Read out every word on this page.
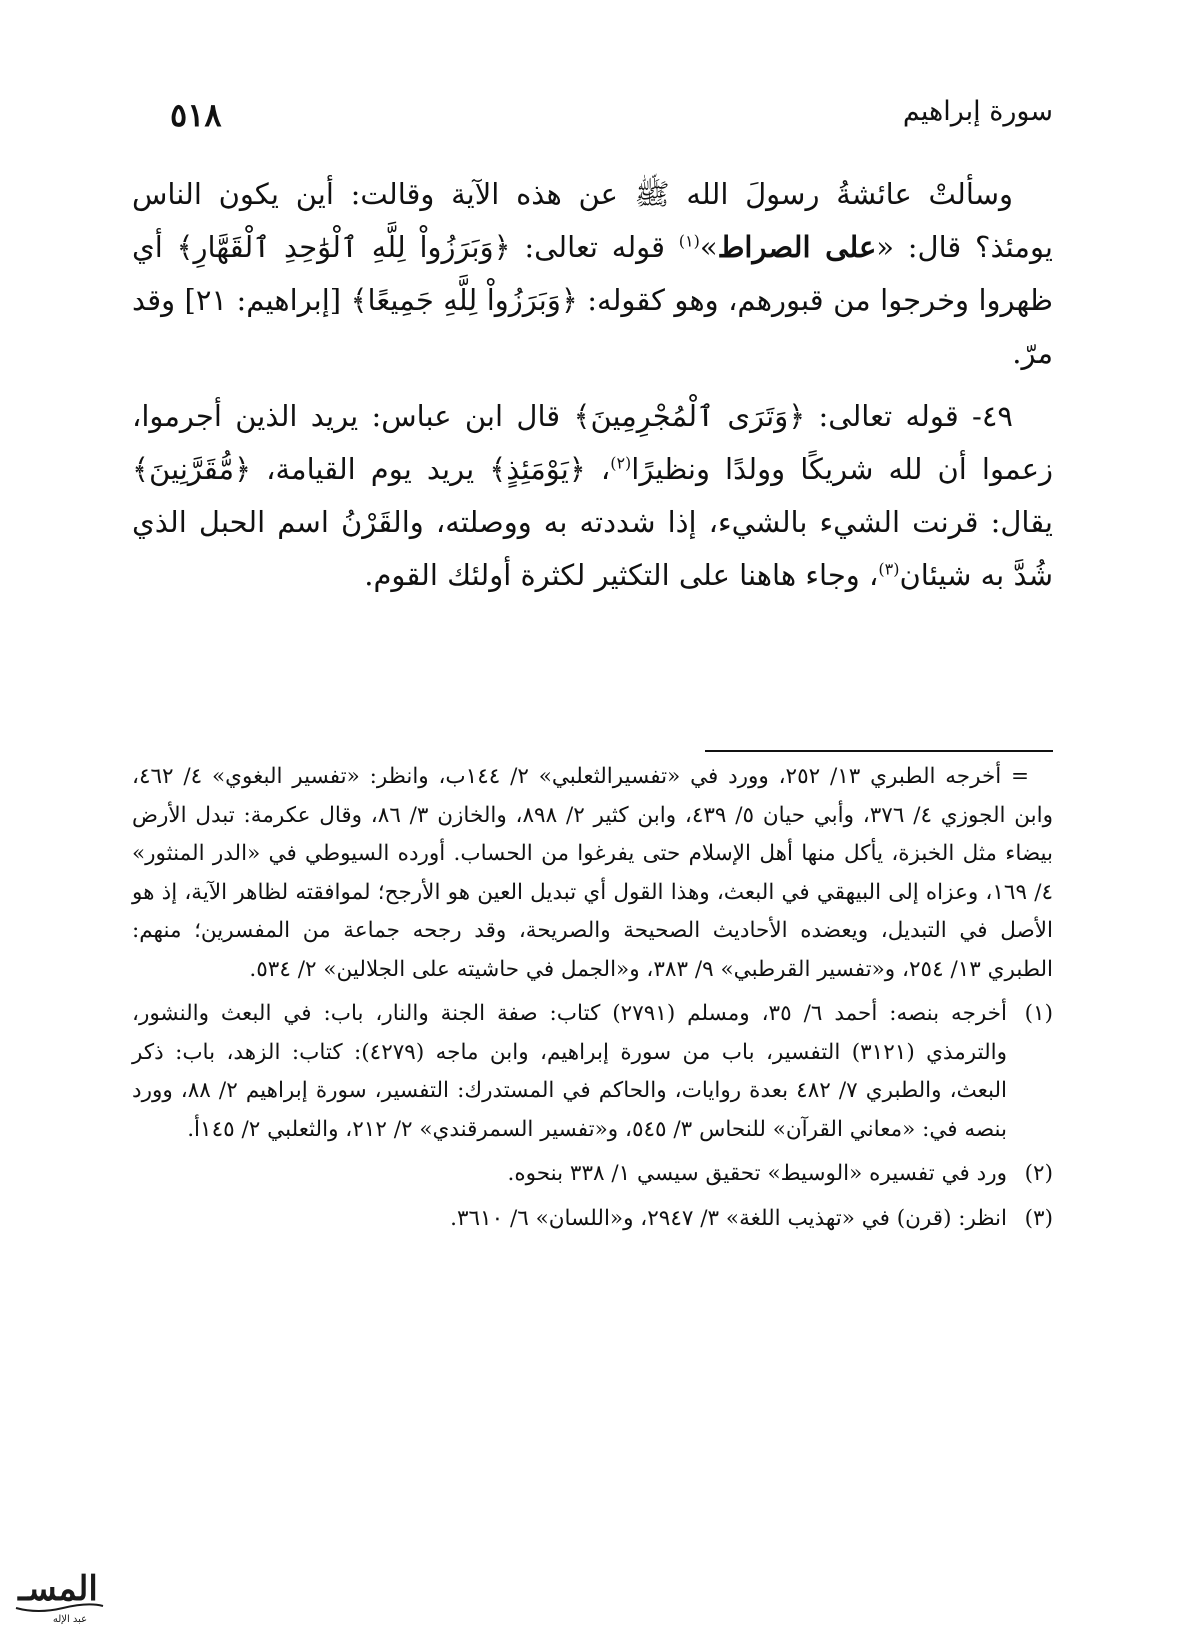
سورة إبراهيم
٥١٨

وسألتْ عائشةُ رسولَ الله ﷺ عن هذه الآية وقالت: أين يكون الناس يومئذ؟ قال: «على الصراط»$^{(١)}$ قوله تعالى: ﴿وَبَرَزُواْ لِلَّهِ ٱلْوَٰحِدِ ٱلْقَهَّارِ﴾ أي ظهروا وخرجوا من قبورهم، وهو كقوله: ﴿وَبَرَزُواْ لِلَّهِ جَمِيعًا﴾ [إبراهيم: ٢١] وقد مرّ.

٤٩- قوله تعالى: ﴿وَتَرَى ٱلْمُجْرِمِينَ﴾ قال ابن عباس: يريد الذين أجرموا، زعموا أن لله شريكًا وولدًا ونظيرًا$^{(٢)}$، ﴿يَوْمَئِذٍ﴾ يريد يوم القيامة، ﴿مُّقَرَّنِينَ﴾ يقال: قرنت الشيء بالشيء، إذا شددته به ووصلته، والقَرْنُ اسم الحبل الذي شُدَّ به شيئان$^{(٣)}$، وجاء هاهنا على التكثير لكثرة أولئك القوم.

= أخرجه الطبري ١٣/ ٢٥٢، وورد في «تفسيرالثعلبي» ٢/ ١٤٤ب، وانظر: «تفسير البغوي» ٤/ ٤٦٢، وابن الجوزي ٤/ ٣٧٦، وأبي حيان ٥/ ٤٣٩، وابن كثير ٢/ ٨٩٨، والخازن ٣/ ٨٦، وقال عكرمة: تبدل الأرض بيضاء مثل الخبزة، يأكل منها أهل الإسلام حتى يفرغوا من الحساب. أورده السيوطي في «الدر المنثور» ٤/ ١٦٩، وعزاه إلى البيهقي في البعث، وهذا القول أي تبديل العين هو الأرجح؛ لموافقته لظاهر الآية، إذ هو الأصل في التبديل، ويعضده الأحاديث الصحيحة والصريحة، وقد رجحه جماعة من المفسرين؛ منهم: الطبري ١٣/ ٢٥٤، و«تفسير القرطبي» ٩/ ٣٨٣، و«الجمل في حاشيته على الجلالين» ٢/ ٥٣٤.

(١)
أخرجه بنصه: أحمد ٦/ ٣٥، ومسلم (٢٧٩١) كتاب: صفة الجنة والنار، باب: في البعث والنشور، والترمذي (٣١٢١) التفسير، باب من سورة إبراهيم، وابن ماجه (٤٢٧٩): كتاب: الزهد، باب: ذكر البعث، والطبري ٧/ ٤٨٢ بعدة روايات، والحاكم في المستدرك: التفسير، سورة إبراهيم ٢/ ٨٨، وورد بنصه في: «معاني القرآن» للنحاس ٣/ ٥٤٥، و«تفسير السمرقندي» ٢/ ٢١٢، والثعلبي ٢/ ١٤٥أ.

(٢)
ورد في تفسيره «الوسيط» تحقيق سيسي ١/ ٣٣٨ بنحوه.

(٣)
انظر: (قرن) في «تهذيب اللغة» ٣/ ٢٩٤٧، و«اللسان» ٦/ ٣٦١٠.

المسـ
عبد الإله
